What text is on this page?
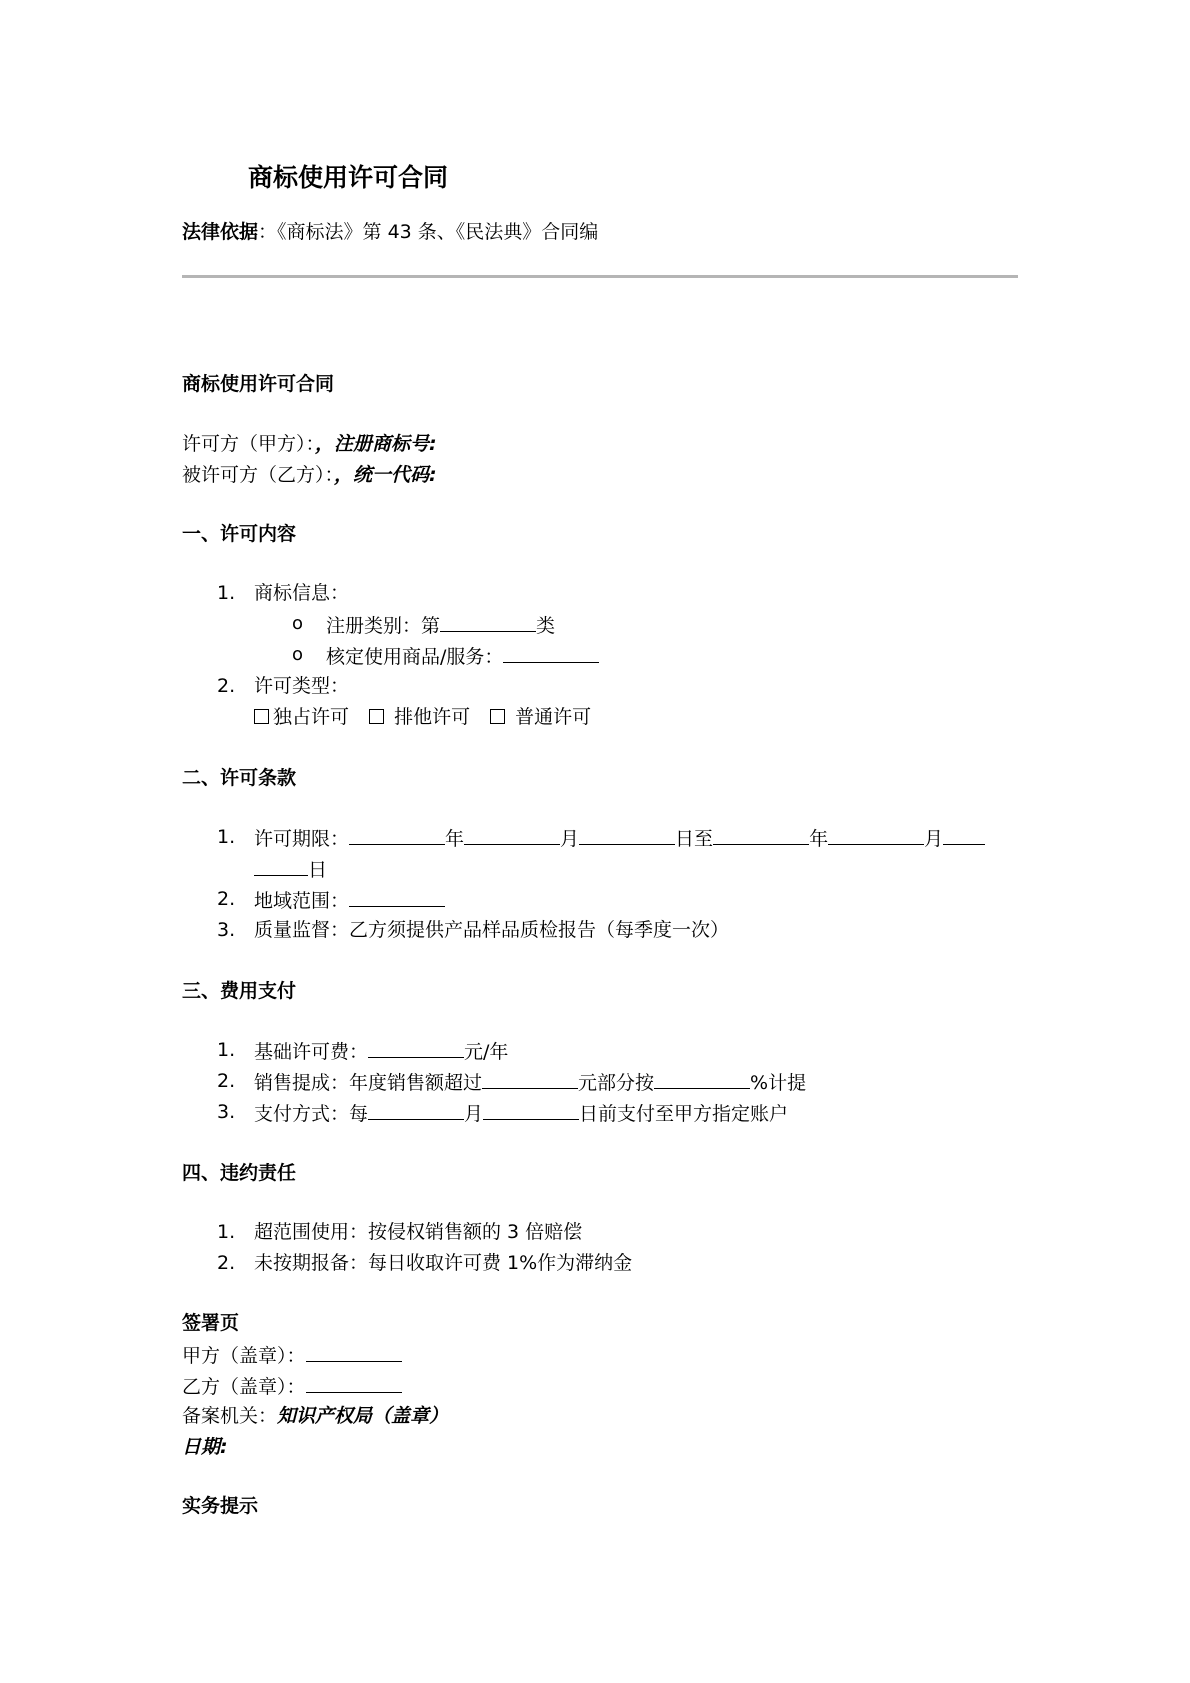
商标使用许可合同
法律依据：《商标法》第 43 条、《民法典》合同编
商标使用许可合同
许可方（甲方）：，注册商标号:
被许可方（乙方）：，统一代码:
一、许可内容
1. 商标信息：
o 注册类别：第	类
o 核定使用商品/服务：
2. 许可类型：
独占许可 排他许可 普通许可
二、许可条款
1. 许可期限：	年	月	日至	年	月
日
2. 地域范围：
3. 质量监督：乙方须提供产品样品质检报告（每季度一次）
三、费用支付
1. 基础许可费：	元/年
2. 销售提成：年度销售额超过	元部分按	%计提
3. 支付方式：每	月	日前支付至甲方指定账户
四、违约责任
1. 超范围使用：按侵权销售额的 3 倍赔偿
2. 未按期报备：每日收取许可费 1%作为滞纳金
签署页
甲方（盖章）：
乙方（盖章）：
备案机关：知识产权局（盖章）
日期:
实务提示
